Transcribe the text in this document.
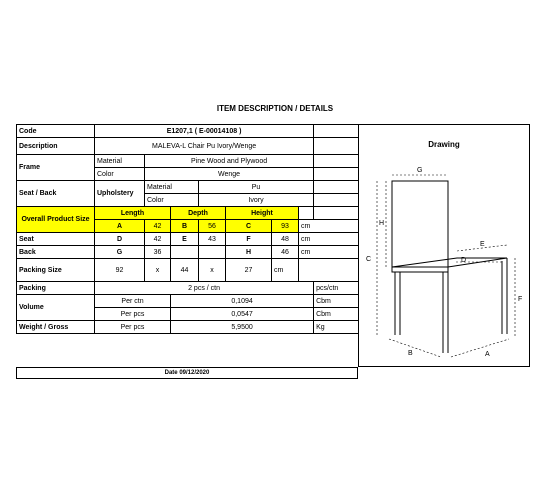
ITEM DESCRIPTION / DETAILS
Code	E1207,1 ( E-00014108 )							
Description	MALEVA-L Chair Pu Ivory/Wenge							
Frame	Material	Pine Wood and Plywood						
	Color	Wenge						
Seat / Back	Upholstery	Material		Pu				
		Color		Ivory				
Overall Product Size	Length		Depth		Height			
	A	42	B	56	C	93	cm	
Seat	D	42	E	43	F	48	cm	
Back	G	36			H	46	cm	
Packing Size	92	x	44	x	27	cm		
Packing	2 pcs / ctn							pcs/ctn
Volume	Per ctn		0,1094					Cbm
	Per pcs		0,0547					Cbm
Weight / Gross	Per pcs		5,9500					Kg
Date 09/12/2020
Drawing
G
H
C
E
D
F
B	A
